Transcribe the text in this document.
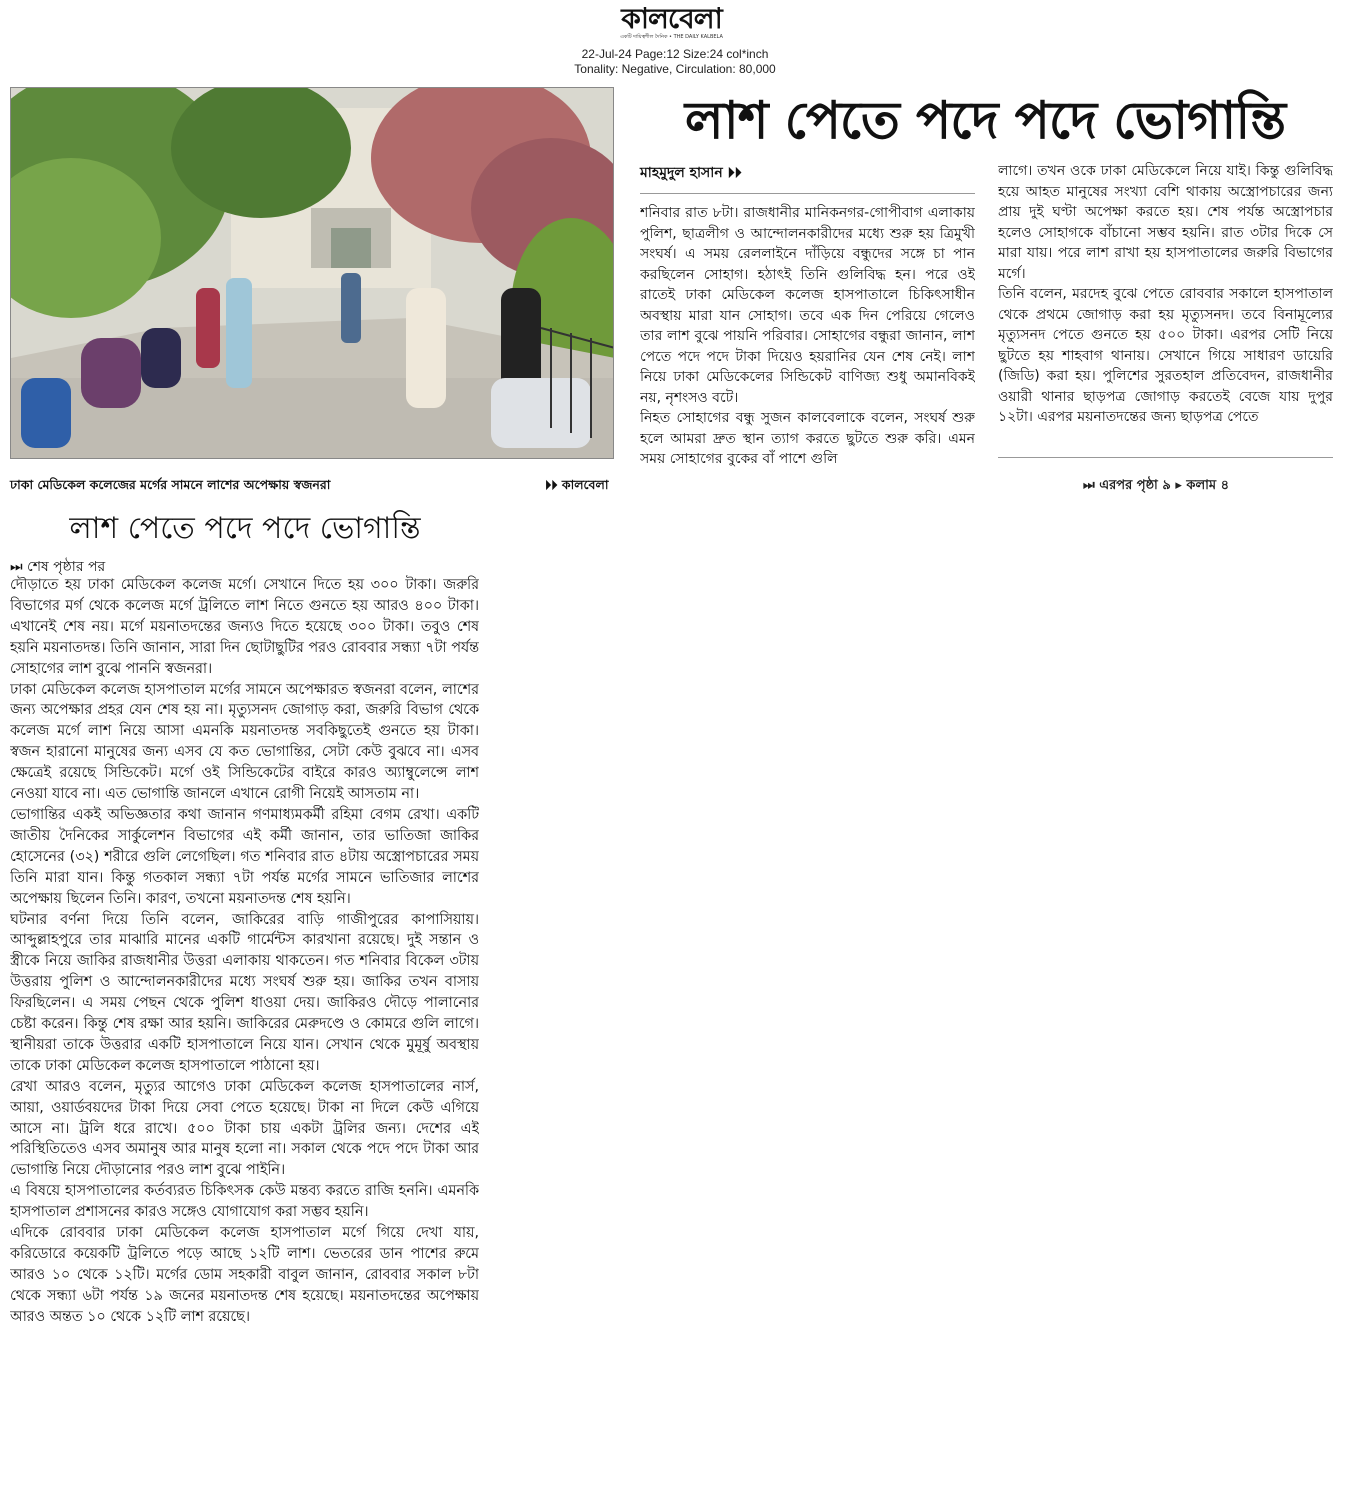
কালবেলা
একটি দায়িত্বশীল দৈনিক • THE DAILY KALBELA
22-Jul-24 Page:12 Size:24 col*inch
Tonality: Negative, Circulation: 80,000
ঢাকা মেডিকেল কলেজের মর্গের সামনে লাশের অপেক্ষায় স্বজনরা	⏵⏵ কালবেলা
লাশ পেতে পদে পদে ভোগান্তি
মাহমুদুল হাসান ⏵⏵

শনিবার রাত ৮টা। রাজধানীর মানিকনগর-গোপীবাগ এলাকায় পুলিশ, ছাত্রলীগ ও আন্দোলনকারীদের মধ্যে শুরু হয় ত্রিমুখী সংঘর্ষ। এ সময় রেললাইনে দাঁড়িয়ে বন্ধুদের সঙ্গে চা পান করছিলেন সোহাগ। হঠাৎই তিনি গুলিবিদ্ধ হন। পরে ওই রাতেই ঢাকা মেডিকেল কলেজ হাসপাতালে চিকিৎসাধীন অবস্থায় মারা যান সোহাগ। তবে এক দিন পেরিয়ে গেলেও তার লাশ বুঝে পায়নি পরিবার। সোহাগের বন্ধুরা জানান, লাশ পেতে পদে পদে টাকা দিয়েও হয়রানির যেন শেষ নেই। লাশ নিয়ে ঢাকা মেডিকেলের সিন্ডিকেট বাণিজ্য শুধু অমানবিকই নয়, নৃশংসও বটে।

নিহত সোহাগের বন্ধু সুজন কালবেলাকে বলেন, সংঘর্ষ শুরু হলে আমরা দ্রুত স্থান ত্যাগ করতে ছুটতে শুরু করি। এমন সময় সোহাগের বুকের বাঁ পাশে গুলি

লাগে। তখন ওকে ঢাকা মেডিকেলে নিয়ে যাই। কিন্তু গুলিবিদ্ধ হয়ে আহত মানুষের সংখ্যা বেশি থাকায় অস্ত্রোপচারের জন্য প্রায় দুই ঘণ্টা অপেক্ষা করতে হয়। শেষ পর্যন্ত অস্ত্রোপচার হলেও সোহাগকে বাঁচানো সম্ভব হয়নি। রাত ৩টার দিকে সে মারা যায়। পরে লাশ রাখা হয় হাসপাতালের জরুরি বিভাগের মর্গে।

তিনি বলেন, মরদেহ বুঝে পেতে রোববার সকালে হাসপাতাল থেকে প্রথমে জোগাড় করা হয় মৃত্যুসনদ। তবে বিনামূল্যের মৃত্যুসনদ পেতে গুনতে হয় ৫০০ টাকা। এরপর সেটি নিয়ে ছুটতে হয় শাহবাগ থানায়। সেখানে গিয়ে সাধারণ ডায়েরি (জিডি) করা হয়। পুলিশের সুরতহাল প্রতিবেদন, রাজধানীর ওয়ারী থানার ছাড়পত্র জোগাড় করতেই বেজে যায় দুপুর ১২টা। এরপর ময়নাতদন্তের জন্য ছাড়পত্র পেতে

⏭ এরপর পৃষ্ঠা ৯ ▸ কলাম ৪
লাশ পেতে পদে পদে ভোগান্তি
⏭ শেষ পৃষ্ঠার পর

দৌড়াতে হয় ঢাকা মেডিকেল কলেজ মর্গে। সেখানে দিতে হয় ৩০০ টাকা। জরুরি বিভাগের মর্গ থেকে কলেজ মর্গে ট্রলিতে লাশ নিতে গুনতে হয় আরও ৪০০ টাকা। এখানেই শেষ নয়। মর্গে ময়নাতদন্তের জন্যও দিতে হয়েছে ৩০০ টাকা। তবুও শেষ হয়নি ময়নাতদন্ত। তিনি জানান, সারা দিন ছোটাছুটির পরও রোববার সন্ধ্যা ৭টা পর্যন্ত সোহাগের লাশ বুঝে পাননি স্বজনরা।

ঢাকা মেডিকেল কলেজ হাসপাতাল মর্গের সামনে অপেক্ষারত স্বজনরা বলেন, লাশের জন্য অপেক্ষার প্রহর যেন শেষ হয় না। মৃত্যুসনদ জোগাড় করা, জরুরি বিভাগ থেকে কলেজ মর্গে লাশ নিয়ে আসা এমনকি ময়নাতদন্ত সবকিছুতেই গুনতে হয় টাকা। স্বজন হারানো মানুষের জন্য এসব যে কত ভোগান্তির, সেটা কেউ বুঝবে না। এসব ক্ষেত্রেই রয়েছে সিন্ডিকেট। মর্গে ওই সিন্ডিকেটের বাইরে কারও অ্যাম্বুলেন্সে লাশ নেওয়া যাবে না। এত ভোগান্তি জানলে এখানে রোগী নিয়েই আসতাম না।

ভোগান্তির একই অভিজ্ঞতার কথা জানান গণমাধ্যমকর্মী রহিমা বেগম রেখা। একটি জাতীয় দৈনিকের সার্কুলেশন বিভাগের এই কর্মী জানান, তার ভাতিজা জাকির হোসেনের (৩২) শরীরে গুলি লেগেছিল। গত শনিবার রাত ৪টায় অস্ত্রোপচারের সময় তিনি মারা যান। কিন্তু গতকাল সন্ধ্যা ৭টা পর্যন্ত মর্গের সামনে ভাতিজার লাশের অপেক্ষায় ছিলেন তিনি। কারণ, তখনো ময়নাতদন্ত শেষ হয়নি।

ঘটনার বর্ণনা দিয়ে তিনি বলেন, জাকিরের বাড়ি গাজীপুরের কাপাসিয়ায়। আব্দুল্লাহপুরে তার মাঝারি মানের একটি গার্মেন্টস কারখানা রয়েছে। দুই সন্তান ও স্ত্রীকে নিয়ে জাকির রাজধানীর উত্তরা এলাকায় থাকতেন। গত শনিবার বিকেল ৩টায় উত্তরায় পুলিশ ও আন্দোলনকারীদের মধ্যে সংঘর্ষ শুরু হয়। জাকির তখন বাসায় ফিরছিলেন। এ সময় পেছন থেকে পুলিশ ধাওয়া দেয়। জাকিরও দৌড়ে পালানোর চেষ্টা করেন। কিন্তু শেষ রক্ষা আর হয়নি। জাকিরের মেরুদণ্ডে ও কোমরে গুলি লাগে। স্থানীয়রা তাকে উত্তরার একটি হাসপাতালে নিয়ে যান। সেখান থেকে মুমূর্ষু অবস্থায় তাকে ঢাকা মেডিকেল কলেজ হাসপাতালে পাঠানো হয়।

রেখা আরও বলেন, মৃত্যুর আগেও ঢাকা মেডিকেল কলেজ হাসপাতালের নার্স, আয়া, ওয়ার্ডবয়দের টাকা দিয়ে সেবা পেতে হয়েছে। টাকা না দিলে কেউ এগিয়ে আসে না। ট্রলি ধরে রাখে। ৫০০ টাকা চায় একটা ট্রলির জন্য। দেশের এই পরিস্থিতিতেও এসব অমানুষ আর মানুষ হলো না। সকাল থেকে পদে পদে টাকা আর ভোগান্তি নিয়ে দৌড়ানোর পরও লাশ বুঝে পাইনি।

এ বিষয়ে হাসপাতালের কর্তব্যরত চিকিৎসক কেউ মন্তব্য করতে রাজি হননি। এমনকি হাসপাতাল প্রশাসনের কারও সঙ্গেও যোগাযোগ করা সম্ভব হয়নি।

এদিকে রোববার ঢাকা মেডিকেল কলেজ হাসপাতাল মর্গে গিয়ে দেখা যায়, করিডোরে কয়েকটি ট্রলিতে পড়ে আছে ১২টি লাশ। ভেতরের ডান পাশের রুমে আরও ১০ থেকে ১২টি। মর্গের ডোম সহকারী বাবুল জানান, রোববার সকাল ৮টা থেকে সন্ধ্যা ৬টা পর্যন্ত ১৯ জনের ময়নাতদন্ত শেষ হয়েছে। ময়নাতদন্তের অপেক্ষায় আরও অন্তত ১০ থেকে ১২টি লাশ রয়েছে।
